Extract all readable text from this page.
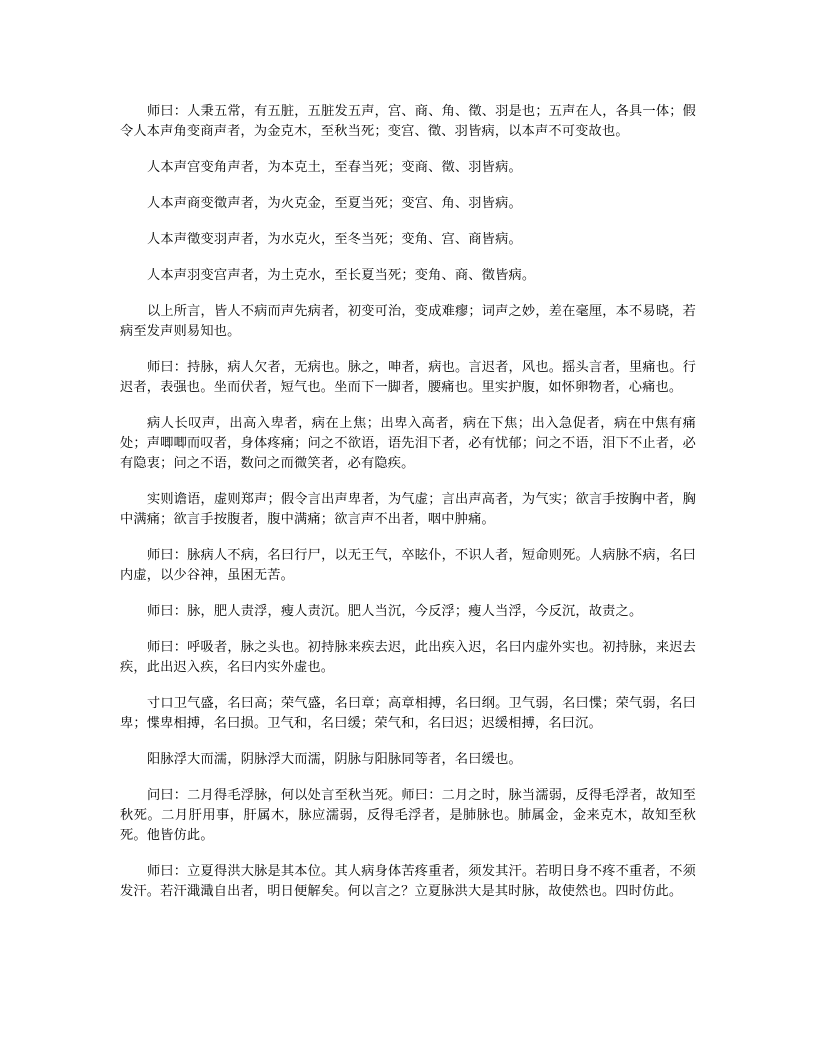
师曰：人秉五常，有五脏，五脏发五声，宫、商、角、徵、羽是也；五声在人，各具一体；假令人本声角变商声者，为金克木，至秋当死；变宫、徵、羽皆病，以本声不可变故也。

人本声宫变角声者，为本克土，至春当死；变商、徵、羽皆病。

人本声商变徵声者，为火克金，至夏当死；变宫、角、羽皆病。

人本声徵变羽声者，为水克火，至冬当死；变角、宫、商皆病。

人本声羽变宫声者，为土克水，至长夏当死；变角、商、徵皆病。

以上所言，皆人不病而声先病者，初变可治，变成难瘳；词声之妙，差在毫厘，本不易晓，若病至发声则易知也。

师曰：持脉，病人欠者，无病也。脉之，呻者，病也。言迟者，风也。摇头言者，里痛也。行迟者，表强也。坐而伏者，短气也。坐而下一脚者，腰痛也。里实护腹，如怀卵物者，心痛也。

病人长叹声，出高入卑者，病在上焦；出卑入高者，病在下焦；出入急促者，病在中焦有痛处；声唧唧而叹者，身体疼痛；问之不欲语，语先泪下者，必有忧郁；问之不语，泪下不止者，必有隐衷；问之不语，数问之而微笑者，必有隐疾。

实则谵语，虚则郑声；假令言出声卑者，为气虚；言出声高者，为气实；欲言手按胸中者，胸中满痛；欲言手按腹者，腹中满痛；欲言声不出者，咽中肿痛。

师曰：脉病人不病，名曰行尸，以无王气，卒眩仆，不识人者，短命则死。人病脉不病，名曰内虚，以少谷神，虽困无苦。

师曰：脉，肥人责浮，瘦人责沉。肥人当沉，今反浮；瘦人当浮，今反沉，故责之。

师曰：呼吸者，脉之头也。初持脉来疾去迟，此出疾入迟，名曰内虚外实也。初持脉，来迟去疾，此出迟入疾，名曰内实外虚也。

寸口卫气盛，名曰高；荣气盛，名曰章；高章相搏，名曰纲。卫气弱，名曰惵；荣气弱，名曰卑；惵卑相搏，名曰损。卫气和，名曰缓；荣气和，名曰迟；迟缓相搏，名曰沉。

阳脉浮大而濡，阴脉浮大而濡，阴脉与阳脉同等者，名曰缓也。

问曰：二月得毛浮脉，何以处言至秋当死。师曰：二月之时，脉当濡弱，反得毛浮者，故知至秋死。二月肝用事，肝属木，脉应濡弱，反得毛浮者，是肺脉也。肺属金，金来克木，故知至秋死。他皆仿此。

师曰：立夏得洪大脉是其本位。其人病身体苦疼重者，须发其汗。若明日身不疼不重者，不须发汗。若汗濈濈自出者，明日便解矣。何以言之？立夏脉洪大是其时脉，故使然也。四时仿此。
